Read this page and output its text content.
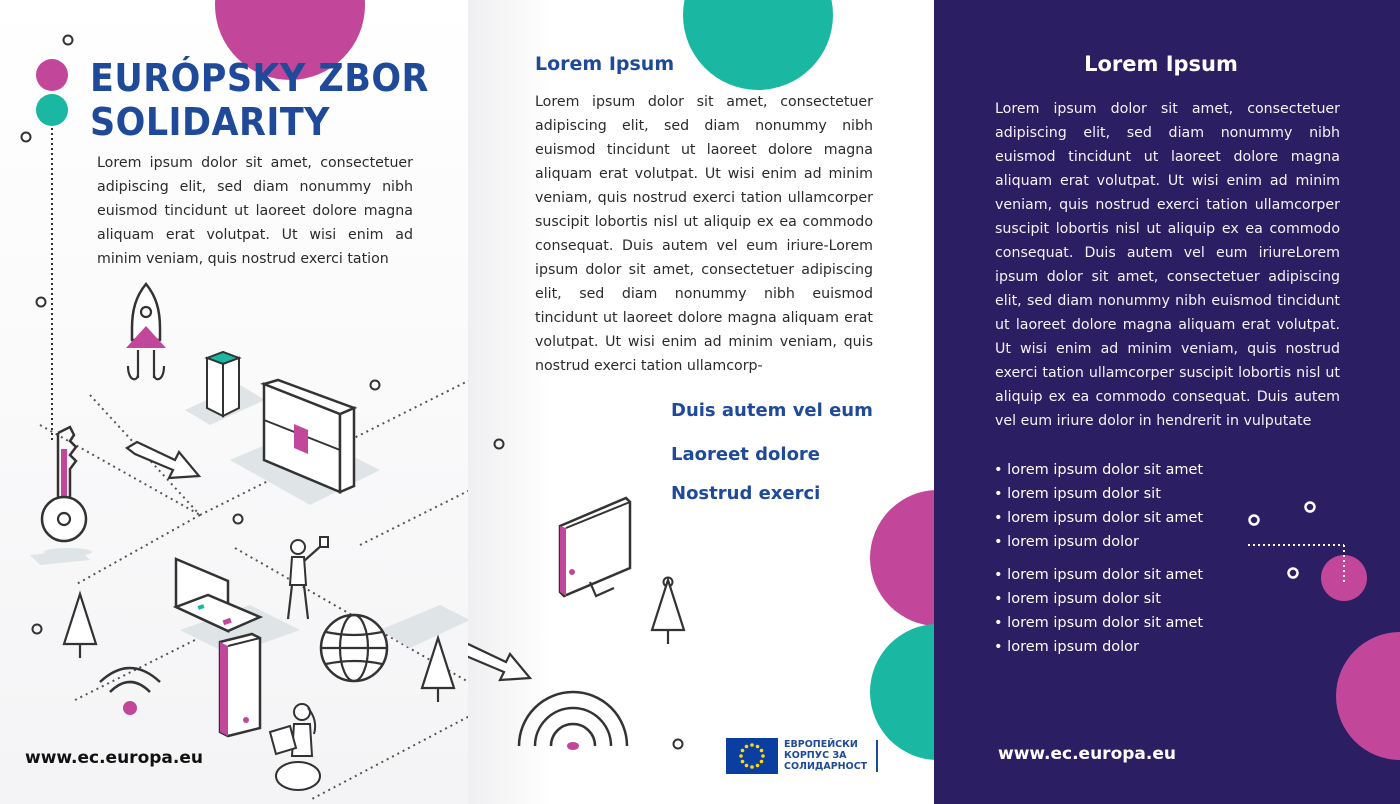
EURÓPSKY ZBOR
SOLIDARITY

Lorem ipsum dolor sit amet, consectetuer adipiscing elit, sed diam nonummy nibh euismod tincidunt ut laoreet dolore magna aliquam erat volutpat. Ut wisi enim ad minim veniam, quis nostrud exerci tation

www.ec.europa.eu

Lorem Ipsum

Lorem ipsum dolor sit amet, consectetuer adipiscing elit, sed diam nonummy nibh euismod tincidunt ut laoreet dolore magna aliquam erat volutpat. Ut wisi enim ad minim veniam, quis nostrud exerci tation ullamcorper suscipit lobortis nisl ut aliquip ex ea commodo consequat. Duis autem vel eum iriure-Lorem ipsum dolor sit amet, consectetuer adipiscing elit, sed diam nonummy nibh euismod tincidunt ut laoreet dolore magna aliquam erat volutpat. Ut wisi enim ad minim veniam, quis nostrud exerci tation ullamcorp-

Duis autem vel eum
Laoreet dolore
Nostrud exerci
ЕВРОПЕЙСКИ
КОРПУС ЗА
СОЛИДАРНОСТ
Lorem Ipsum

Lorem ipsum dolor sit amet, consectetuer adipiscing elit, sed diam nonummy nibh euismod tincidunt ut laoreet dolore magna aliquam erat volutpat. Ut wisi enim ad minim veniam, quis nostrud exerci tation ullamcorper suscipit lobortis nisl ut aliquip ex ea commodo consequat. Duis autem vel eum iriureLorem ipsum dolor sit amet, consectetuer adipiscing elit, sed diam nonummy nibh euismod tincidunt ut laoreet dolore magna aliquam erat volutpat. Ut wisi enim ad minim veniam, quis nostrud exerci tation ullamcorper suscipit lobortis nisl ut aliquip ex ea commodo consequat. Duis autem vel eum iriure dolor in hendrerit in vulputate

• lorem ipsum dolor sit amet
• lorem ipsum dolor sit
• lorem ipsum dolor sit amet
• lorem ipsum dolor
• lorem ipsum dolor sit amet
• lorem ipsum dolor sit
• lorem ipsum dolor sit amet
• lorem ipsum dolor

www.ec.europa.eu
